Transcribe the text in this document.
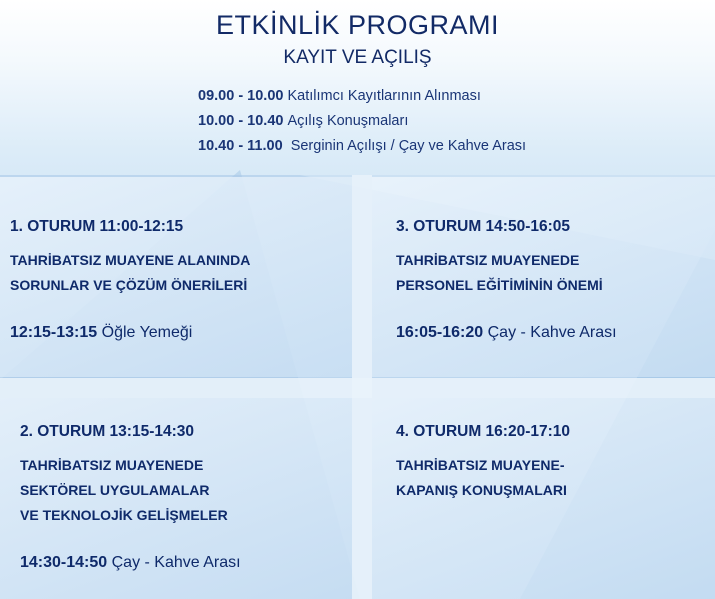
ETKİNLİK PROGRAMI
KAYIT VE AÇILIŞ
09.00 - 10.00 Katılımcı Kayıtlarının Alınması
10.00 - 10.40 Açılış Konuşmaları
10.40 - 11.00 Serginin Açılışı / Çay ve Kahve Arası
1. OTURUM 11:00-12:15
TAHRİBATSIZ MUAYENE ALANINDA
SORUNLAR VE ÇÖZÜM ÖNERİLERİ
12:15-13:15 Öğle Yemeği
3. OTURUM 14:50-16:05
TAHRİBATSIZ MUAYENEDE
PERSONEL EĞİTİMİNİN ÖNEMİ
16:05-16:20 Çay - Kahve Arası
2. OTURUM 13:15-14:30
TAHRİBATSIZ MUAYENEDE
SEKTÖREL UYGULAMALAR
VE TEKNOLOJİK GELİŞMELER
14:30-14:50 Çay - Kahve Arası
4. OTURUM 16:20-17:10
TAHRİBATSIZ MUAYENE-
KAPANIŞ KONUŞMALARI
